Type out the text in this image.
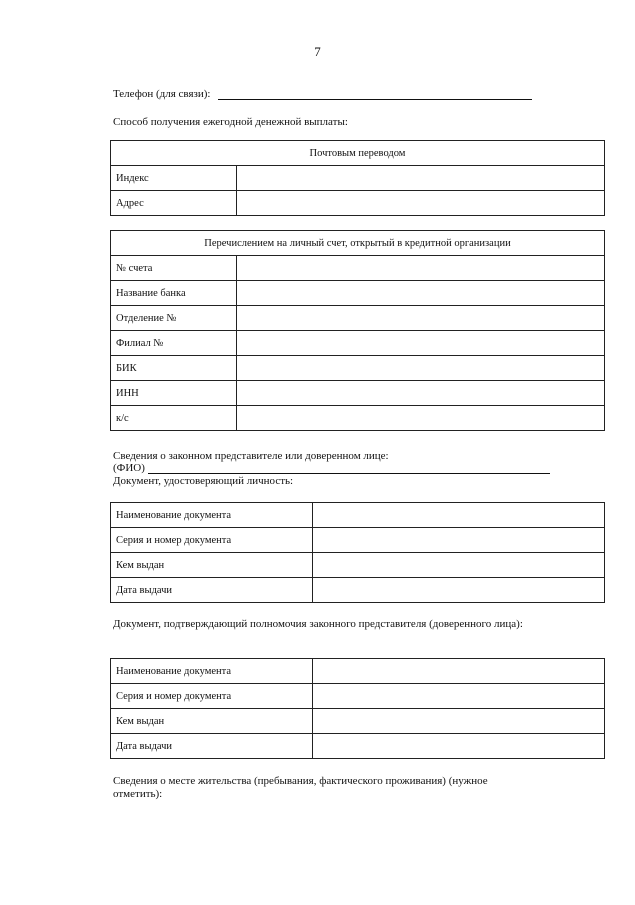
7
Телефон (для связи):
Способ получения ежегодной денежной выплаты:
Почтовым переводом	
Индекс	
Адрес	
Перечислением на личный счет, открытый в кредитной организации	
№ счета	
Название банка	
Отделение №	
Филиал №	
БИК	
ИНН	
к/с	
Сведения о законном представителе или доверенном лице:
(ФИО)
Документ, удостоверяющий личность:
Наименование документа	
Серия и номер документа	
Кем выдан	
Дата выдачи	
Документ, подтверждающий полномочия законного представителя (доверенного лица):
Наименование документа	
Серия и номер документа	
Кем выдан	
Дата выдачи	
Сведения о месте жительства (пребывания, фактического проживания) (нужное отметить):
